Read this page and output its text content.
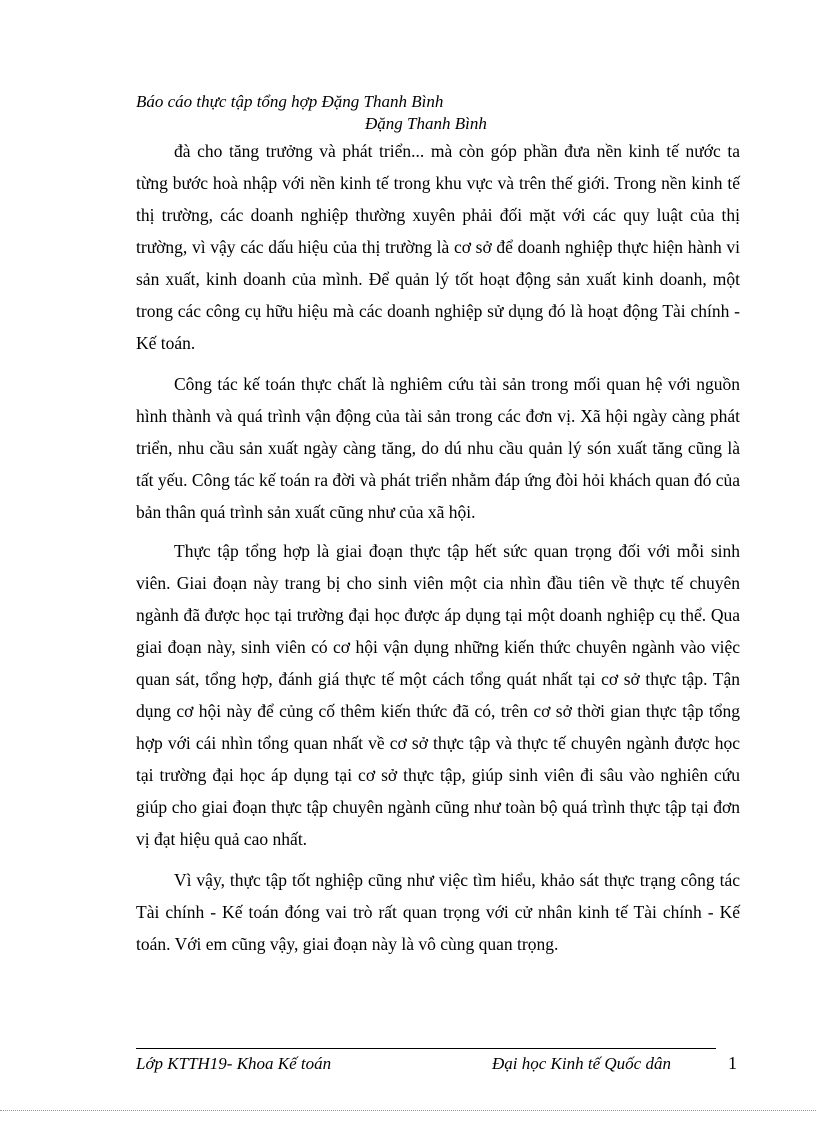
Báo cáo thực tập tổng hợp Đặng Thanh Bình
Đặng Thanh Bình

đà cho tăng trưởng và phát triển... mà còn góp phần đưa nền kinh tế nước ta từng bước hoà nhập với nền kinh tế trong khu vực và trên thế giới. Trong nền kinh tế thị trường, các doanh nghiệp thường xuyên phải đối mặt với các quy luật của thị trường, vì vậy các dấu hiệu của thị trường là cơ sở để doanh nghiệp thực hiện hành vi sản xuất, kinh doanh của mình. Để quản lý tốt hoạt động sản xuất kinh doanh, một trong các công cụ hữu hiệu mà các doanh nghiệp sử dụng đó là hoạt động Tài chính - Kế toán.

Công tác kế toán thực chất là nghiêm cứu tài sản trong mối quan hệ với nguồn hình thành và quá trình vận động của tài sản trong các đơn vị. Xã hội ngày càng phát triển, nhu cầu sản xuất ngày càng tăng, do dú nhu cầu quản lý són xuất tăng cũng là tất yếu. Công tác kế toán ra đời và phát triển nhằm đáp ứng đòi hỏi khách quan đó của bản thân quá trình sản xuất cũng như của xã hội.

Thực tập tổng hợp là giai đoạn thực tập hết sức quan trọng đối với mỗi sinh viên. Giai đoạn này trang bị cho sinh viên một cia nhìn đầu tiên về thực tế chuyên ngành đã được học tại trường đại học được áp dụng tại một doanh nghiệp cụ thể. Qua giai đoạn này, sinh viên có cơ hội vận dụng những kiến thức chuyên ngành vào việc quan sát, tổng hợp, đánh giá thực tế một cách tổng quát nhất tại cơ sở thực tập. Tận dụng cơ hội này để củng cố thêm kiến thức đã có, trên cơ sở thời gian thực tập tổng hợp với cái nhìn tổng quan nhất về cơ sở thực tập và thực tế chuyên ngành được học tại trường đại học áp dụng tại cơ sở thực tập, giúp sinh viên đi sâu vào nghiên cứu giúp cho giai đoạn thực tập chuyên ngành cũng như toàn bộ quá trình thực tập tại đơn vị đạt hiệu quả cao nhất.

Vì vậy, thực tập tốt nghiệp cũng như việc tìm hiểu, khảo sát thực trạng công tác Tài chính - Kế toán đóng vai trò rất quan trọng với cử nhân kinh tế Tài chính - Kế toán. Với em cũng vậy, giai đoạn này là vô cùng quan trọng.

Lớp KTTH19- Khoa Kế toán	Đại học Kinh tế Quốc dân	1
